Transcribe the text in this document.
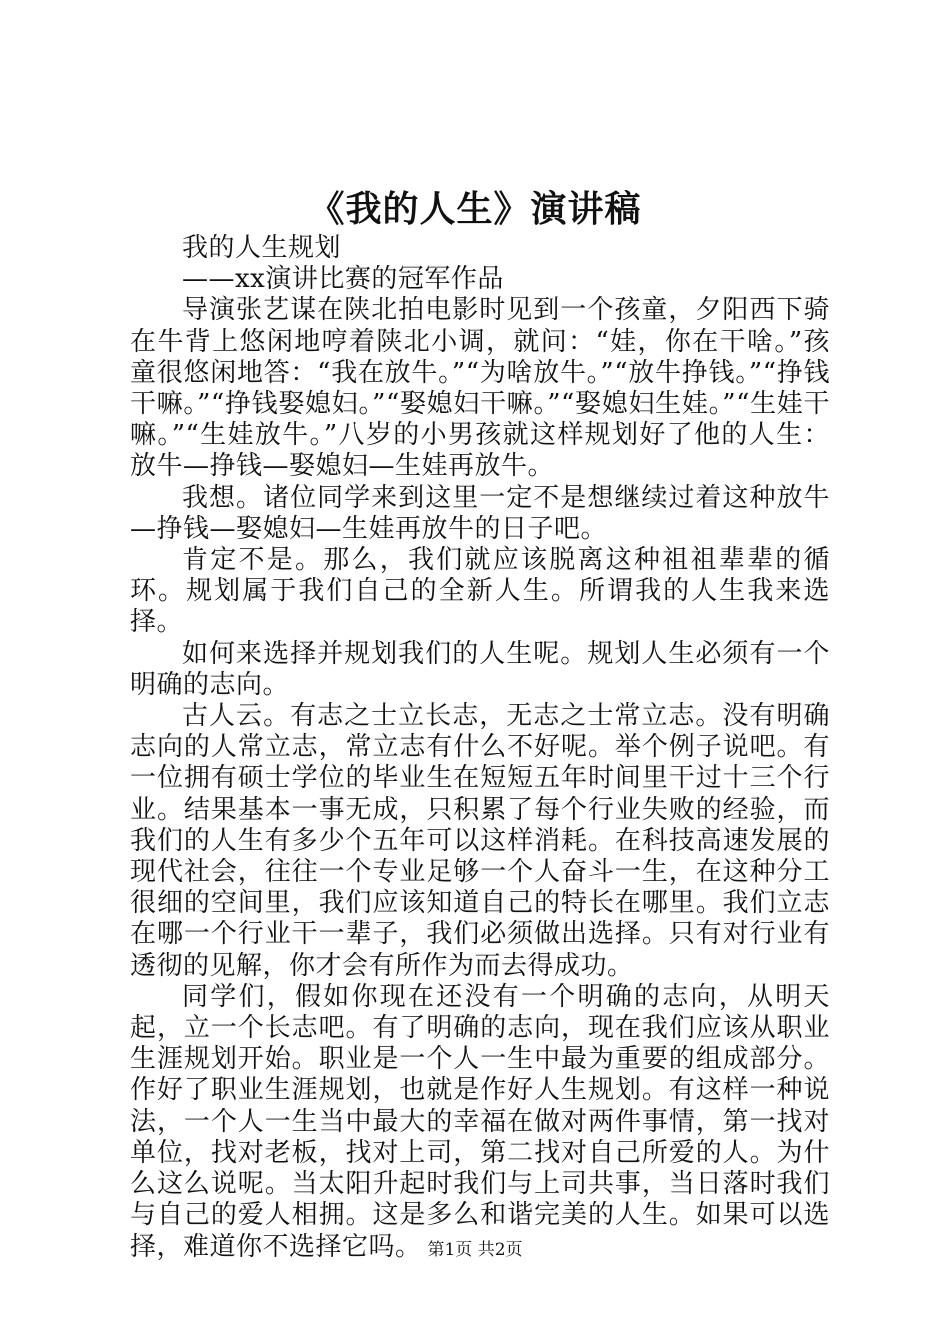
《我的人生》演讲稿

我的人生规划

——xx演讲比赛的冠军作品

导演张艺谋在陕北拍电影时见到一个孩童，夕阳西下骑在牛背上悠闲地哼着陕北小调，就问：“娃，你在干啥。”孩童很悠闲地答：“我在放牛。”“为啥放牛。”“放牛挣钱。”“挣钱干嘛。”“挣钱娶媳妇。”“娶媳妇干嘛。”“娶媳妇生娃。”“生娃干嘛。”“生娃放牛。”八岁的小男孩就这样规划好了他的人生：放牛—挣钱—娶媳妇—生娃再放牛。

我想。诸位同学来到这里一定不是想继续过着这种放牛—挣钱—娶媳妇—生娃再放牛的日子吧。

肯定不是。那么，我们就应该脱离这种祖祖辈辈的循环。规划属于我们自己的全新人生。所谓我的人生我来选择。

如何来选择并规划我们的人生呢。规划人生必须有一个明确的志向。

古人云。有志之士立长志，无志之士常立志。没有明确志向的人常立志，常立志有什么不好呢。举个例子说吧。有一位拥有硕士学位的毕业生在短短五年时间里干过十三个行业。结果基本一事无成，只积累了每个行业失败的经验，而我们的人生有多少个五年可以这样消耗。在科技高速发展的现代社会，往往一个专业足够一个人奋斗一生，在这种分工很细的空间里，我们应该知道自己的特长在哪里。我们立志在哪一个行业干一辈子，我们必须做出选择。只有对行业有透彻的见解，你才会有所作为而去得成功。

同学们，假如你现在还没有一个明确的志向，从明天起，立一个长志吧。有了明确的志向，现在我们应该从职业生涯规划开始。职业是一个人一生中最为重要的组成部分。作好了职业生涯规划，也就是作好人生规划。有这样一种说法，一个人一生当中最大的幸福在做对两件事情，第一找对单位，找对老板，找对上司，第二找对自己所爱的人。为什么这么说呢。当太阳升起时我们与上司共事，当日落时我们与自己的爱人相拥。这是多么和谐完美的人生。如果可以选择，难道你不选择它吗。 第1页 共2页
